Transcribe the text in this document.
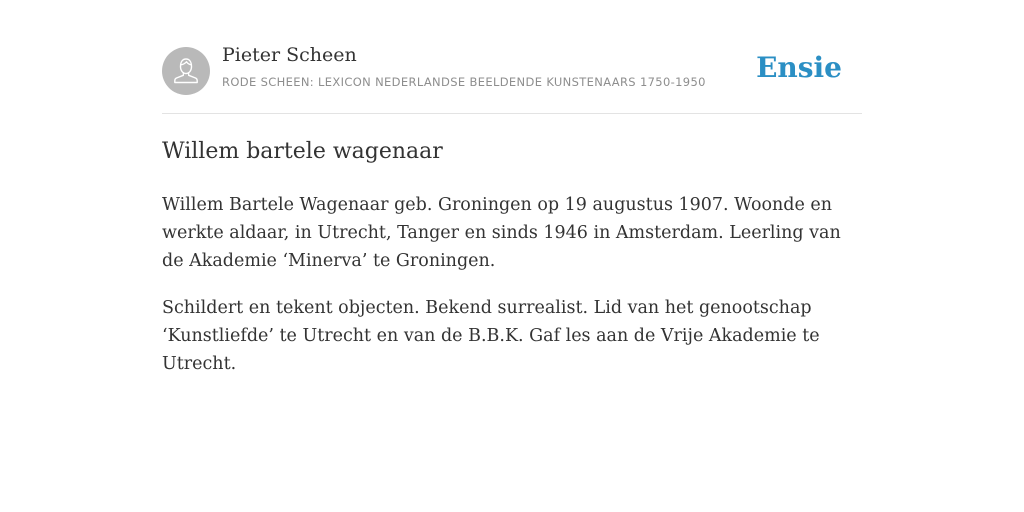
Pieter Scheen
RODE SCHEEN: LEXICON NEDERLANDSE BEELDENDE KUNSTENAARS 1750-1950 Ensie
Willem bartele wagenaar

Willem Bartele Wagenaar geb. Groningen op 19 augustus 1907. Woonde en werkte aldaar, in Utrecht, Tanger en sinds 1946 in Amsterdam. Leerling van de Akademie ‘Minerva’ te Groningen.

Schildert en tekent objecten. Bekend surrealist. Lid van het genootschap ‘Kunstliefde’ te Utrecht en van de B.B.K. Gaf les aan de Vrije Akademie te Utrecht.
